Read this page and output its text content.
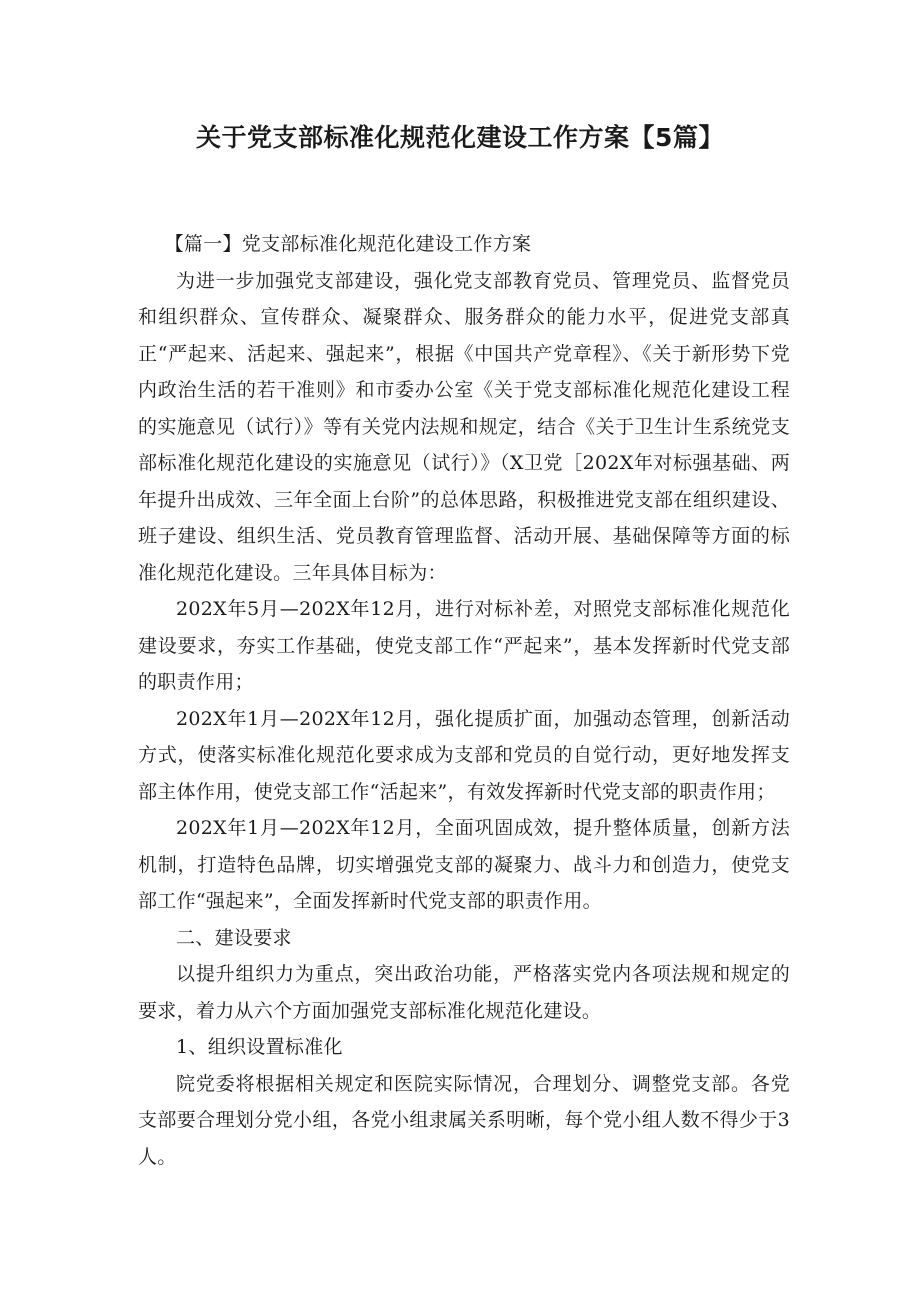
关于党支部标准化规范化建设工作方案【5篇】

【篇一】党支部标准化规范化建设工作方案

为进一步加强党支部建设，强化党支部教育党员、管理党员、监督党员和组织群众、宣传群众、凝聚群众、服务群众的能力水平，促进党支部真正“严起来、活起来、强起来”，根据《中国共产党章程》、《关于新形势下党内政治生活的若干准则》和市委办公室《关于党支部标准化规范化建设工程的实施意见（试行）》等有关党内法规和规定，结合《关于卫生计生系统党支部标准化规范化建设的实施意见（试行）》（X卫党［202X年对标强基础、两年提升出成效、三年全面上台阶”的总体思路，积极推进党支部在组织建设、班子建设、组织生活、党员教育管理监督、活动开展、基础保障等方面的标准化规范化建设。三年具体目标为：

202X年5月—202X年12月，进行对标补差，对照党支部标准化规范化建设要求，夯实工作基础，使党支部工作“严起来”，基本发挥新时代党支部的职责作用；

202X年1月—202X年12月，强化提质扩面，加强动态管理，创新活动方式，使落实标准化规范化要求成为支部和党员的自觉行动，更好地发挥支部主体作用，使党支部工作“活起来”，有效发挥新时代党支部的职责作用；

202X年1月—202X年12月，全面巩固成效，提升整体质量，创新方法机制，打造特色品牌，切实增强党支部的凝聚力、战斗力和创造力，使党支部工作“强起来”，全面发挥新时代党支部的职责作用。

二、建设要求

以提升组织力为重点，突出政治功能，严格落实党内各项法规和规定的要求，着力从六个方面加强党支部标准化规范化建设。

1、组织设置标准化

院党委将根据相关规定和医院实际情况，合理划分、调整党支部。各党支部要合理划分党小组，各党小组隶属关系明晰，每个党小组人数不得少于3人。
